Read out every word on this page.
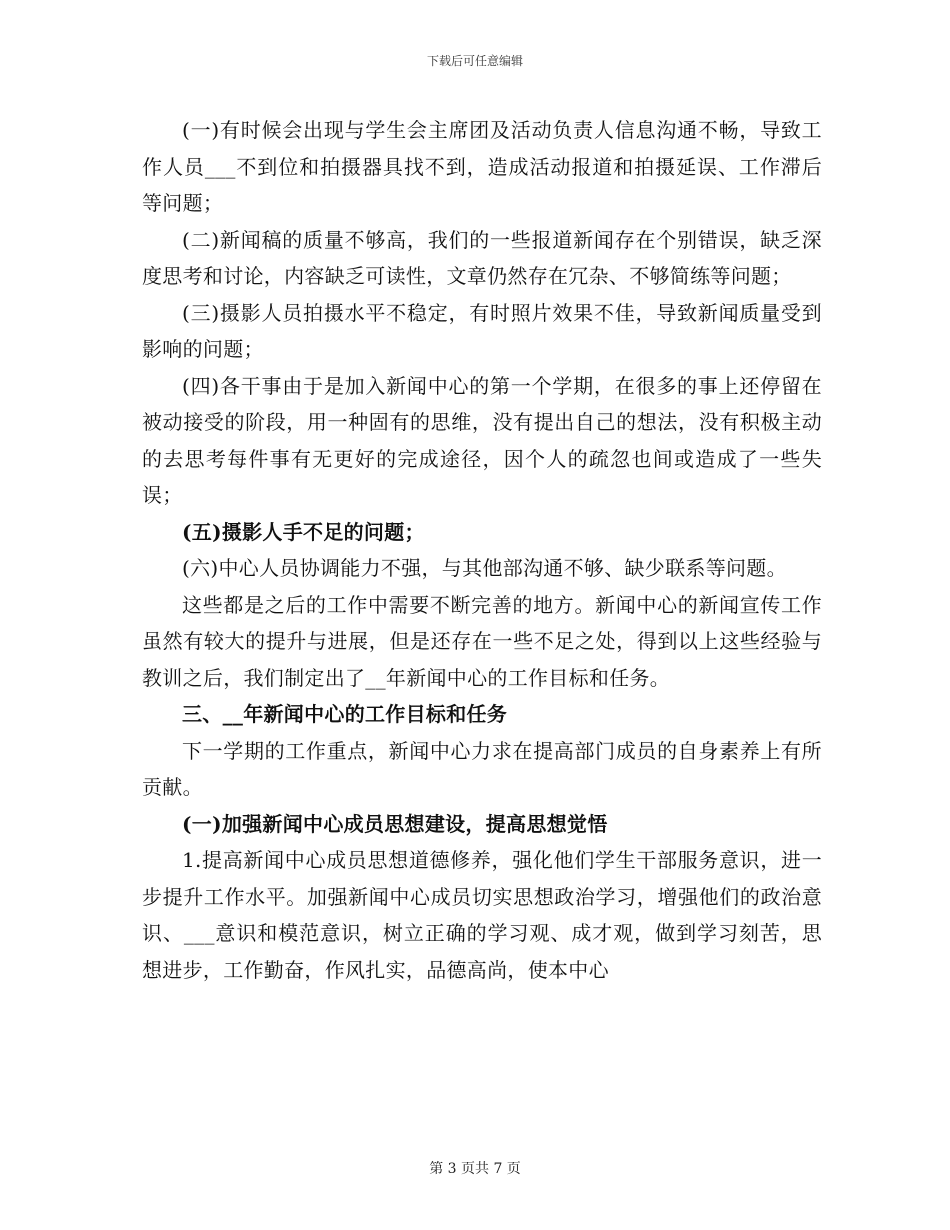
下载后可任意编辑

(一)有时候会出现与学生会主席团及活动负责人信息沟通不畅，导致工作人员___不到位和拍摄器具找不到，造成活动报道和拍摄延误、工作滞后等问题；

(二)新闻稿的质量不够高，我们的一些报道新闻存在个别错误，缺乏深度思考和讨论，内容缺乏可读性，文章仍然存在冗杂、不够简练等问题；

(三)摄影人员拍摄水平不稳定，有时照片效果不佳，导致新闻质量受到影响的问题；

(四)各干事由于是加入新闻中心的第一个学期，在很多的事上还停留在被动接受的阶段，用一种固有的思维，没有提出自己的想法，没有积极主动的去思考每件事有无更好的完成途径，因个人的疏忽也间或造成了一些失误；

(五)摄影人手不足的问题；

(六)中心人员协调能力不强，与其他部沟通不够、缺少联系等问题。

这些都是之后的工作中需要不断完善的地方。新闻中心的新闻宣传工作虽然有较大的提升与进展，但是还存在一些不足之处，得到以上这些经验与教训之后，我们制定出了__年新闻中心的工作目标和任务。

三、__年新闻中心的工作目标和任务

下一学期的工作重点，新闻中心力求在提高部门成员的自身素养上有所贡献。

(一)加强新闻中心成员思想建设，提高思想觉悟

1.提高新闻中心成员思想道德修养，强化他们学生干部服务意识，进一步提升工作水平。加强新闻中心成员切实思想政治学习，增强他们的政治意识、___意识和模范意识，树立正确的学习观、成才观，做到学习刻苦，思想进步，工作勤奋，作风扎实，品德高尚，使本中心

第 3 页共 7 页
